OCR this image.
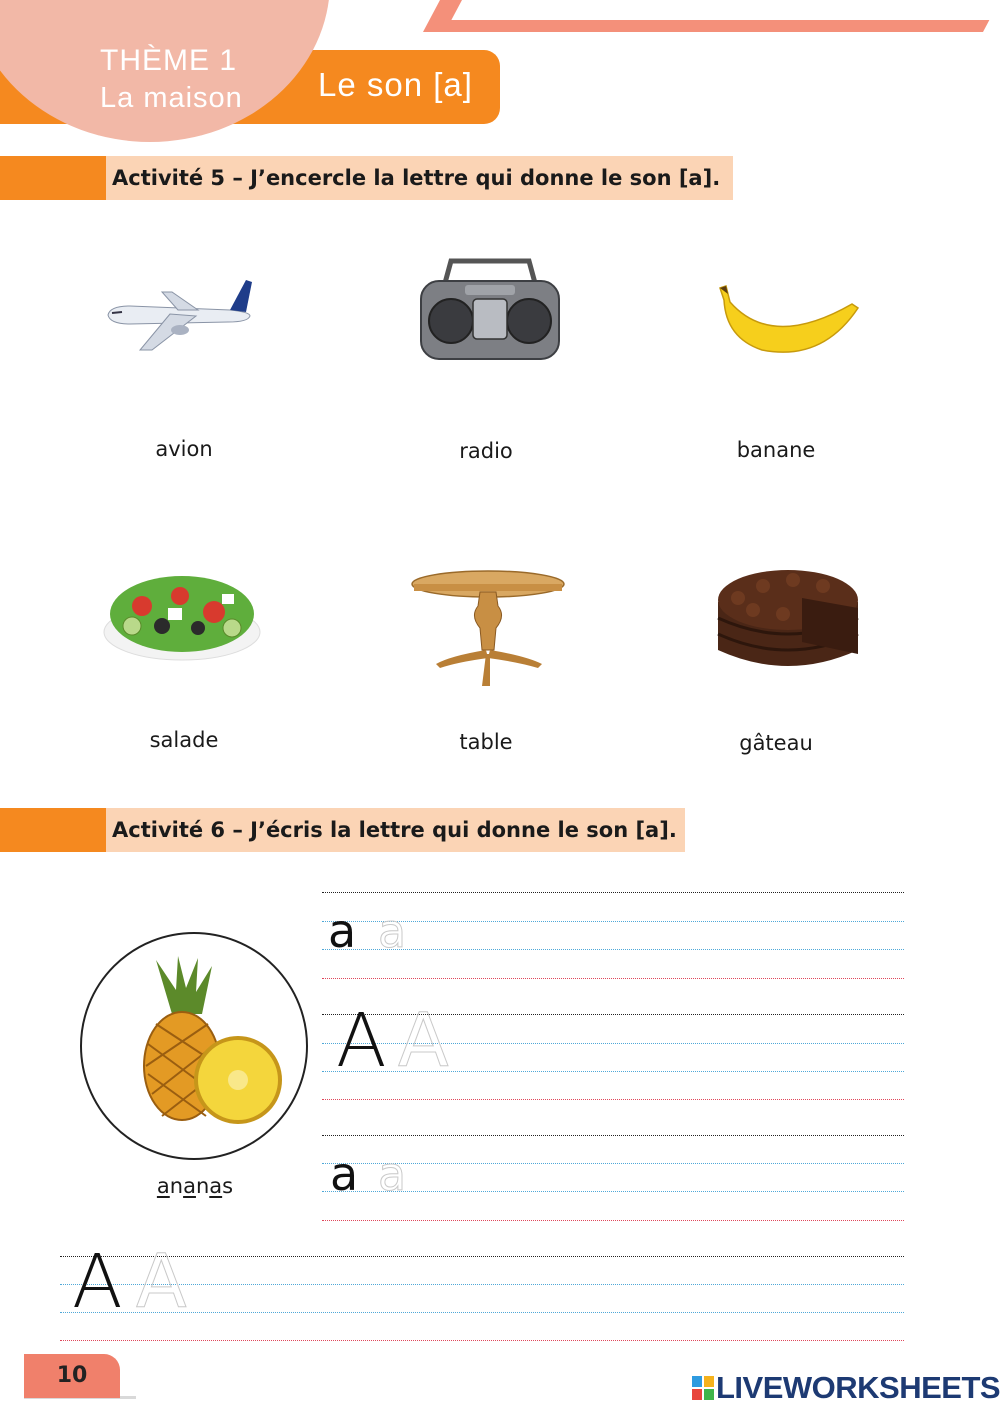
THÈME 1
La maison Le son [a]
Activité 5 – J’encercle la lettre qui donne le son [a].
avion	radio	banane
salade	table	gâteau
Activité 6 – J’écris la lettre qui donne le son [a].
ananas
a a
A A
a a
A A
10	LIVEWORKSHEETS
